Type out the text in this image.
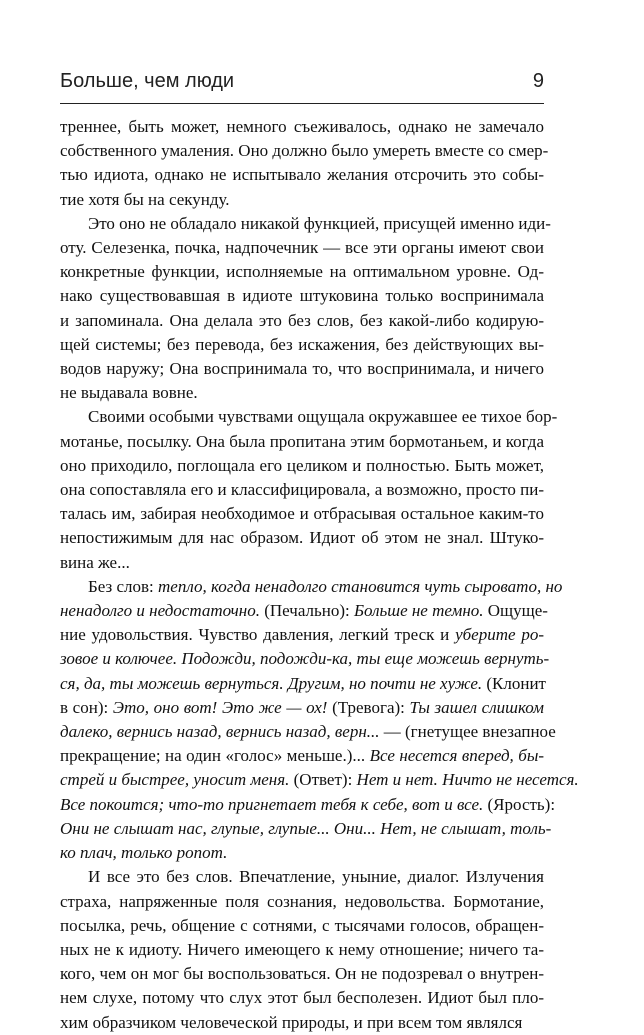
Больше, чем люди	9
треннее, быть может, немного съеживалось, однако не замечало
собственного умаления. Оно должно было умереть вместе со смер-
тью идиота, однако не испытывало желания отсрочить это собы-
тие хотя бы на секунду.
Это оно не обладало никакой функцией, присущей именно иди-
оту. Селезенка, почка, надпочечник — все эти органы имеют свои
конкретные функции, исполняемые на оптимальном уровне. Од-
нако существовавшая в идиоте штуковина только воспринимала
и запоминала. Она делала это без слов, без какой-либо кодирую-
щей системы; без перевода, без искажения, без действующих вы-
водов наружу; Она воспринимала то, что воспринимала, и ничего
не выдавала вовне.
Своими особыми чувствами ощущала окружавшее ее тихое бор-
мотанье, посылку. Она была пропитана этим бормотаньем, и когда
оно приходило, поглощала его целиком и полностью. Быть может,
она сопоставляла его и классифицировала, а возможно, просто пи-
талась им, забирая необходимое и отбрасывая остальное каким-то
непостижимым для нас образом. Идиот об этом не знал. Штуко-
вина же...
Без слов: тепло, когда ненадолго становится чуть сыровато, но
ненадолго и недостаточно. (Печально): Больше не темно. Ощуще-
ние удовольствия. Чувство давления, легкий треск и уберите ро-
зовое и колючее. Подожди, подожди-ка, ты еще можешь вернуть-
ся, да, ты можешь вернуться. Другим, но почти не хуже. (Клонит
в сон): Это, оно вот! Это же — ох! (Тревога): Ты зашел слишком
далеко, вернись назад, вернись назад, верн... — (гнетущее внезапное
прекращение; на один «голос» меньше.)... Все несется вперед, бы-
стрей и быстрее, уносит меня. (Ответ): Нет и нет. Ничто не несется.
Все покоится; что-то пригнетает тебя к себе, вот и все. (Ярость):
Они не слышат нас, глупые, глупые... Они... Нет, не слышат, толь-
ко плач, только ропот.
И все это без слов. Впечатление, уныние, диалог. Излучения
страха, напряженные поля сознания, недовольства. Бормотание,
посылка, речь, общение с сотнями, с тысячами голосов, обращен-
ных не к идиоту. Ничего имеющего к нему отношение; ничего та-
кого, чем он мог бы воспользоваться. Он не подозревал о внутрен-
нем слухе, потому что слух этот был бесполезен. Идиот был пло-
хим образчиком человеческой природы, и при всем том являлся
